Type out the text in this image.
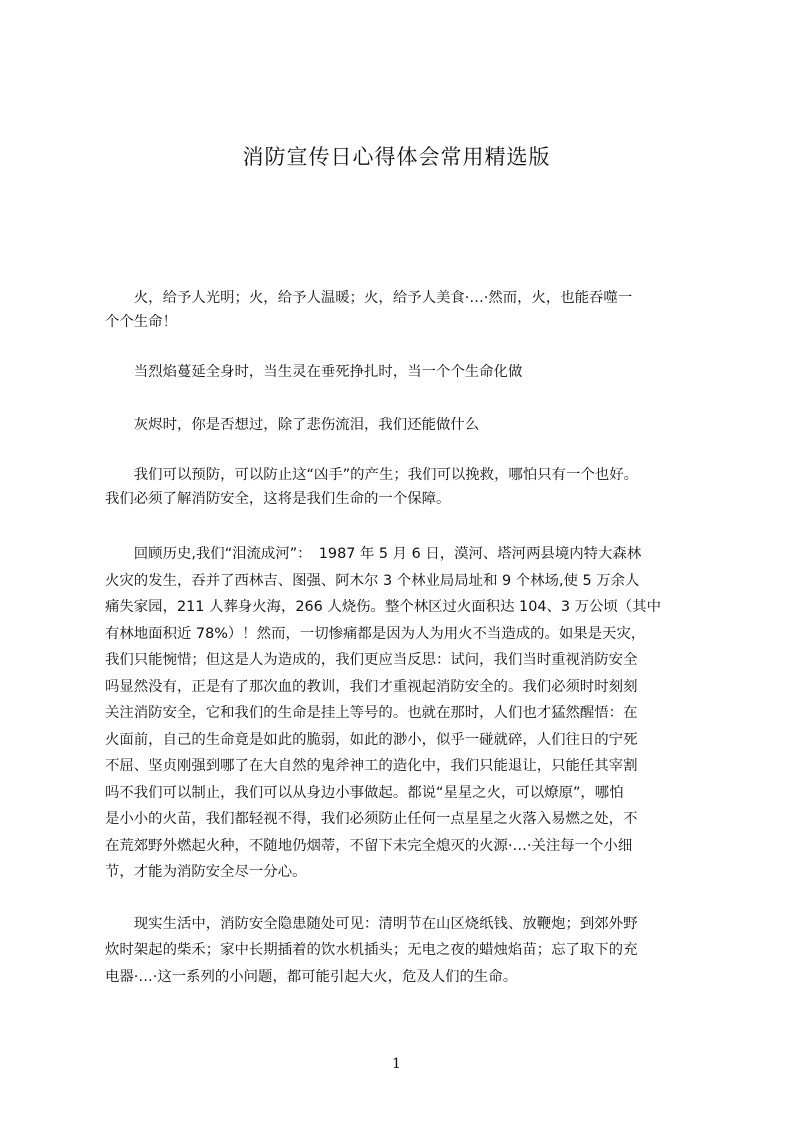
消防宣传日心得体会常用精选版

　　火，给予人光明；火，给予人温暖；火，给予人美食·…·然而，火，也能吞噬一
个个生命！

　　当烈焰蔓延全身时，当生灵在垂死挣扎时，当一个个生命化做

　　灰烬时，你是否想过，除了悲伤流泪，我们还能做什么

　　我们可以预防，可以防止这“凶手”的产生；我们可以挽救，哪怕只有一个也好。
我们必须了解消防安全，这将是我们生命的一个保障。

　　回顾历史,我们“泪流成河”：　1987 年 5 月 6 日，漠河、塔河两县境内特大森林
火灾的发生，吞并了西林吉、图强、阿木尔 3 个林业局局址和 9 个林场,使 5 万余人
痛失家园，211 人葬身火海，266 人烧伤。整个林区过火面积达 104、3 万公顷（其中
有林地面积近 78%）！然而，一切惨痛都是因为人为用火不当造成的。如果是天灾，
我们只能惋惜；但这是人为造成的，我们更应当反思：试问，我们当时重视消防安全
吗显然没有，正是有了那次血的教训，我们才重视起消防安全的。我们必须时时刻刻
关注消防安全，它和我们的生命是挂上等号的。也就在那时，人们也才猛然醒悟：在
火面前，自己的生命竟是如此的脆弱，如此的渺小，似乎一碰就碎，人们往日的宁死
不屈、坚贞刚强到哪了在大自然的鬼斧神工的造化中，我们只能退让，只能任其宰割
吗不我们可以制止，我们可以从身边小事做起。都说“星星之火，可以燎原”，哪怕
是小小的火苗，我们都轻视不得，我们必须防止任何一点星星之火落入易燃之处，不
在荒郊野外燃起火种，不随地仍烟蒂，不留下未完全熄灭的火源·…·关注每一个小细
节，才能为消防安全尽一分心。

　　现实生活中，消防安全隐患随处可见：清明节在山区烧纸钱、放鞭炮；到郊外野
炊时架起的柴禾；家中长期插着的饮水机插头；无电之夜的蜡烛焰苗；忘了取下的充
电器·…·这一系列的小问题，都可能引起大火，危及人们的生命。

1
